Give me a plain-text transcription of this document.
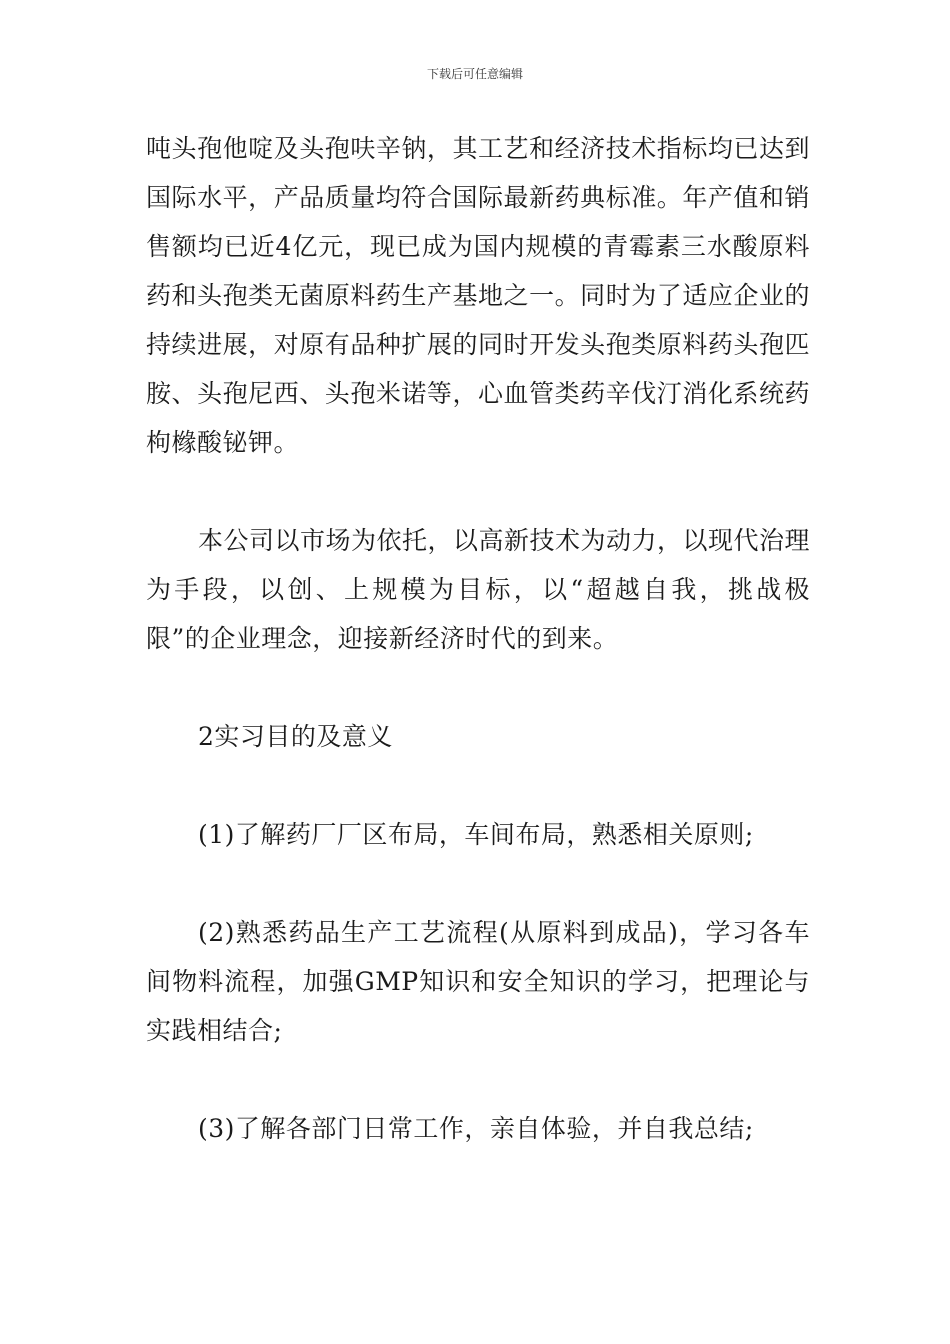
下载后可任意编辑

吨头孢他啶及头孢呋辛钠，其工艺和经济技术指标均已达到国际水平，产品质量均符合国际最新药典标准。年产值和销售额均已近4亿元，现已成为国内规模的青霉素三水酸原料药和头孢类无菌原料药生产基地之一。同时为了适应企业的持续进展，对原有品种扩展的同时开发头孢类原料药头孢匹胺、头孢尼西、头孢米诺等，心血管类药辛伐汀消化系统药枸橼酸铋钾。

本公司以市场为依托，以高新技术为动力，以现代治理为手段，以创、上规模为目标，以“超越自我，挑战极限”的企业理念，迎接新经济时代的到来。

2实习目的及意义

(1)了解药厂厂区布局，车间布局，熟悉相关原则;

(2)熟悉药品生产工艺流程(从原料到成品)，学习各车间物料流程，加强GMP知识和安全知识的学习，把理论与实践相结合;

(3)了解各部门日常工作，亲自体验，并自我总结;
